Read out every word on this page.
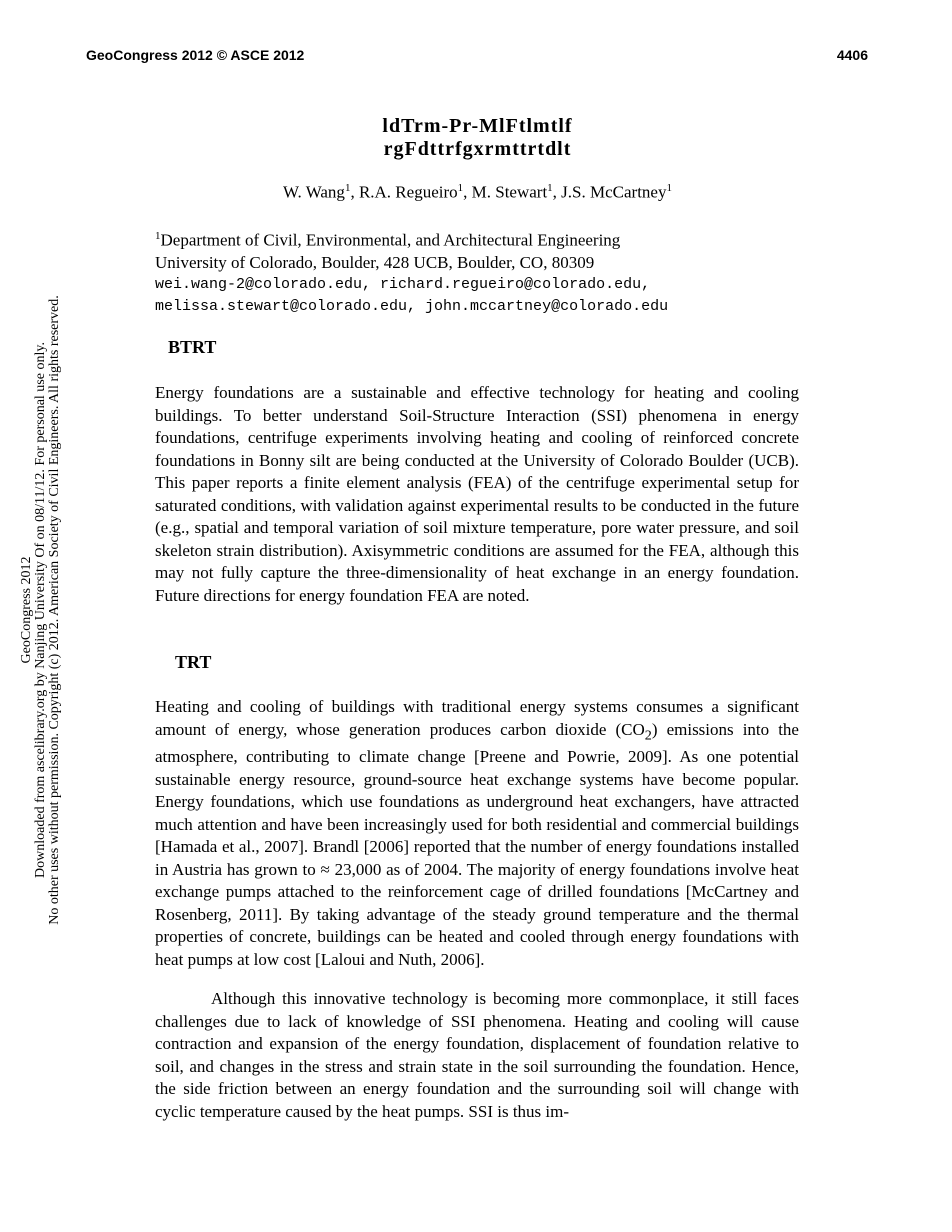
GeoCongress 2012 © ASCE 2012	4406
GeoCongress 2012 Downloaded from ascelibrary.org by Nanjing University Of on 08/11/12. For personal use only. No other uses without permission. Copyright (c) 2012. American Society of Civil Engineers. All rights reserved.
ldTrm-Pr-MlFtlmtlf
rgFdttrfgxrmttrtdlt
W. Wang$^1$, R.A. Regueiro$^1$, M. Stewart$^1$, J.S. McCartney$^1$
$^1$Department of Civil, Environmental, and Architectural Engineering
University of Colorado, Boulder, 428 UCB, Boulder, CO, 80309
wei.wang-2@colorado.edu, richard.regueiro@colorado.edu,
melissa.stewart@colorado.edu, john.mccartney@colorado.edu
BTRT

Energy foundations are a sustainable and effective technology for heating and cooling buildings. To better understand Soil-Structure Interaction (SSI) phenomena in energy foundations, centrifuge experiments involving heating and cooling of reinforced concrete foundations in Bonny silt are being conducted at the University of Colorado Boulder (UCB). This paper reports a finite element analysis (FEA) of the centrifuge experimental setup for saturated conditions, with validation against experimental results to be conducted in the future (e.g., spatial and temporal variation of soil mixture temperature, pore water pressure, and soil skeleton strain distribution). Axisymmetric conditions are assumed for the FEA, although this may not fully capture the three-dimensionality of heat exchange in an energy foundation. Future directions for energy foundation FEA are noted.

TRT

Heating and cooling of buildings with traditional energy systems consumes a significant amount of energy, whose generation produces carbon dioxide $(CO_2)$ emissions into the atmosphere, contributing to climate change [Preene and Powrie, 2009]. As one potential sustainable energy resource, ground-source heat exchange systems have become popular. Energy foundations, which use foundations as underground heat exchangers, have attracted much attention and have been increasingly used for both residential and commercial buildings [Hamada et al., 2007]. Brandl [2006] reported that the number of energy foundations installed in Austria has grown to ≈ 23,000 as of 2004. The majority of energy foundations involve heat exchange pumps attached to the reinforcement cage of drilled foundations [McCartney and Rosenberg, 2011]. By taking advantage of the steady ground temperature and the thermal properties of concrete, buildings can be heated and cooled through energy foundations with heat pumps at low cost [Laloui and Nuth, 2006].

Although this innovative technology is becoming more commonplace, it still faces challenges due to lack of knowledge of SSI phenomena. Heating and cooling will cause contraction and expansion of the energy foundation, displacement of foundation relative to soil, and changes in the stress and strain state in the soil surrounding the foundation. Hence, the side friction between an energy foundation and the surrounding soil will change with cyclic temperature caused by the heat pumps. SSI is thus im-
